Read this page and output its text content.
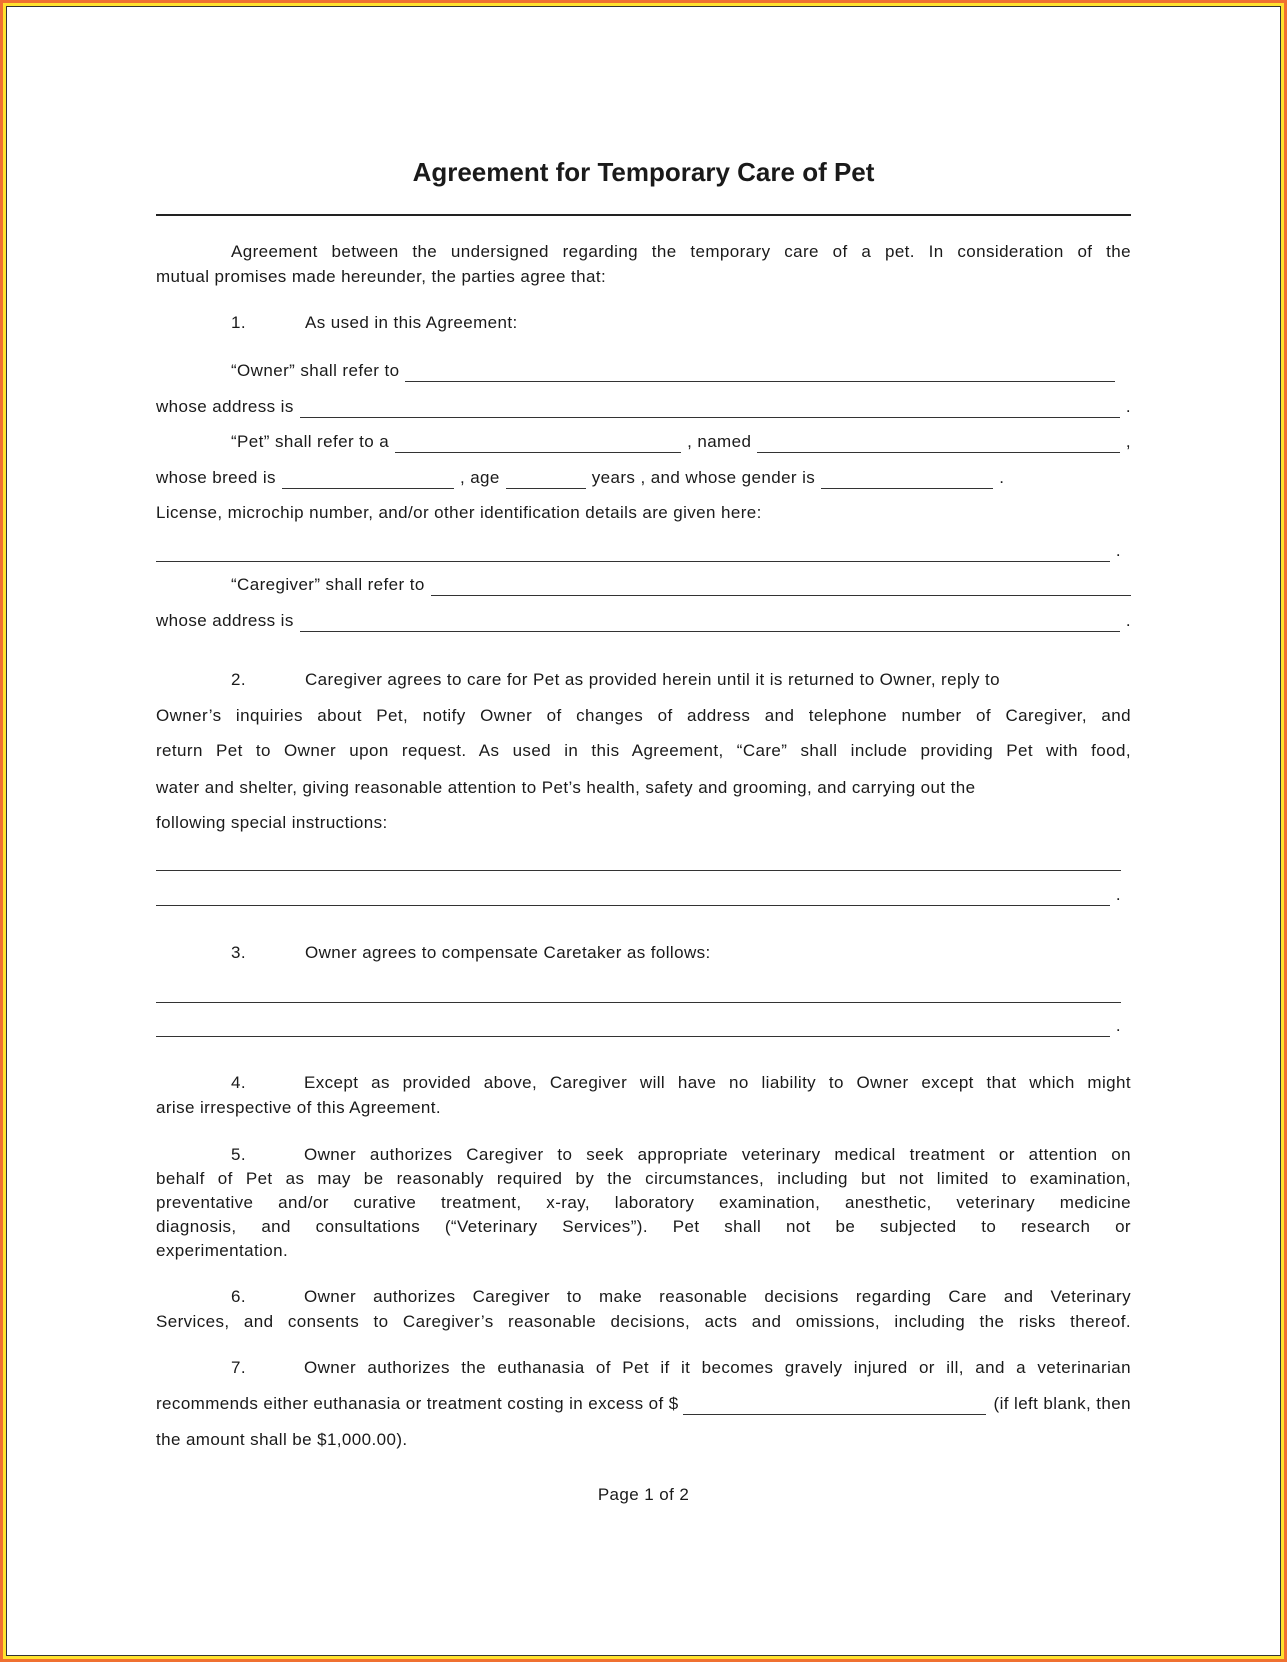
Agreement for Temporary Care of Pet
Agreement between the undersigned regarding the temporary care of a pet. In consideration of the
mutual promises made hereunder, the parties agree that:
1.	As used in this Agreement:
“Owner” shall refer to
whose address is	.
“Pet” shall refer to a	, named	,
whose breed is	, age	years , and whose gender is	.
License, microchip number, and/or other identification details are given here:
.
“Caregiver” shall refer to
whose address is	.
2.	Caregiver agrees to care for Pet as provided herein until it is returned to Owner, reply to
Owner’s inquiries about Pet, notify Owner of changes of address and telephone number of Caregiver, and
return Pet to Owner upon request. As used in this Agreement, “Care” shall include providing Pet with food,
water and shelter, giving reasonable attention to Pet’s health, safety and grooming, and carrying out the
following special instructions:
.
3.	Owner agrees to compensate Caretaker as follows:
.
4.	Except as provided above, Caregiver will have no liability to Owner except that which might
arise irrespective of this Agreement.
5.	Owner authorizes Caregiver to seek appropriate veterinary medical treatment or attention on
behalf of Pet as may be reasonably required by the circumstances, including but not limited to examination,
preventative and/or curative treatment, x-ray, laboratory examination, anesthetic, veterinary medicine
diagnosis, and consultations (“Veterinary Services”). Pet shall not be subjected to research or
experimentation.
6.	Owner authorizes Caregiver to make reasonable decisions regarding Care and Veterinary
Services, and consents to Caregiver’s reasonable decisions, acts and omissions, including the risks thereof.
7.	Owner authorizes the euthanasia of Pet if it becomes gravely injured or ill, and a veterinarian
recommends either euthanasia or treatment costing in excess of $	(if left blank, then
the amount shall be $1,000.00).
Page 1 of 2
